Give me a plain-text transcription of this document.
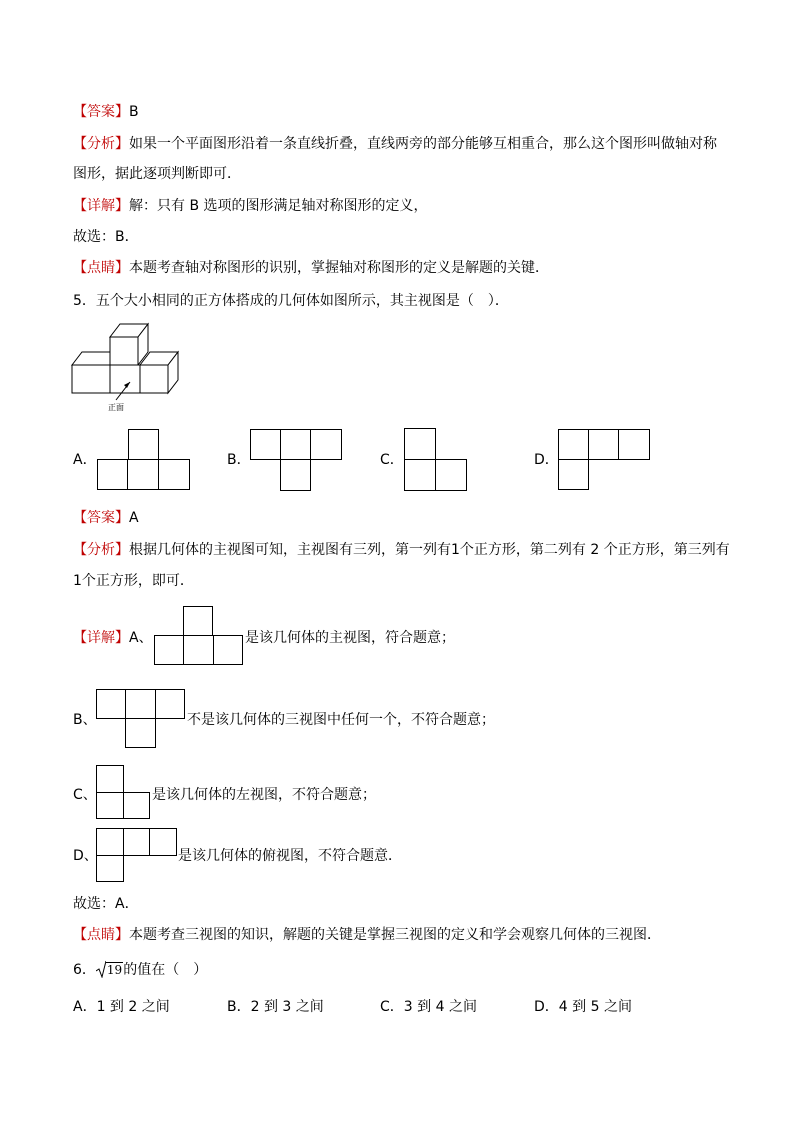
【答案】B
【分析】如果一个平面图形沿着一条直线折叠，直线两旁的部分能够互相重合，那么这个图形叫做轴对称
图形，据此逐项判断即可．
【详解】解：只有 B 选项的图形满足轴对称图形的定义，
故选：B．
【点睛】本题考查轴对称图形的识别，掌握轴对称图形的定义是解题的关键．
5．五个大小相同的正方体搭成的几何体如图所示，其主视图是（　）．
正面
A．	B．	C．	D．
【答案】A
【分析】根据几何体的主视图可知，主视图有三列，第一列有1个正方形，第二列有 2 个正方形，第三列有
1个正方形，即可．
【详解】A、	是该几何体的主视图，符合题意；
B、	不是该几何体的三视图中任何一个，不符合题意；
C、	是该几何体的左视图，不符合题意；
D、	是该几何体的俯视图，不符合题意．
故选：A．
【点睛】本题考查三视图的知识，解题的关键是掌握三视图的定义和学会观察几何体的三视图．
6． 19的值在（　）
A．1 到 2 之间	B．2 到 3 之间	C．3 到 4 之间	D．4 到 5 之间
